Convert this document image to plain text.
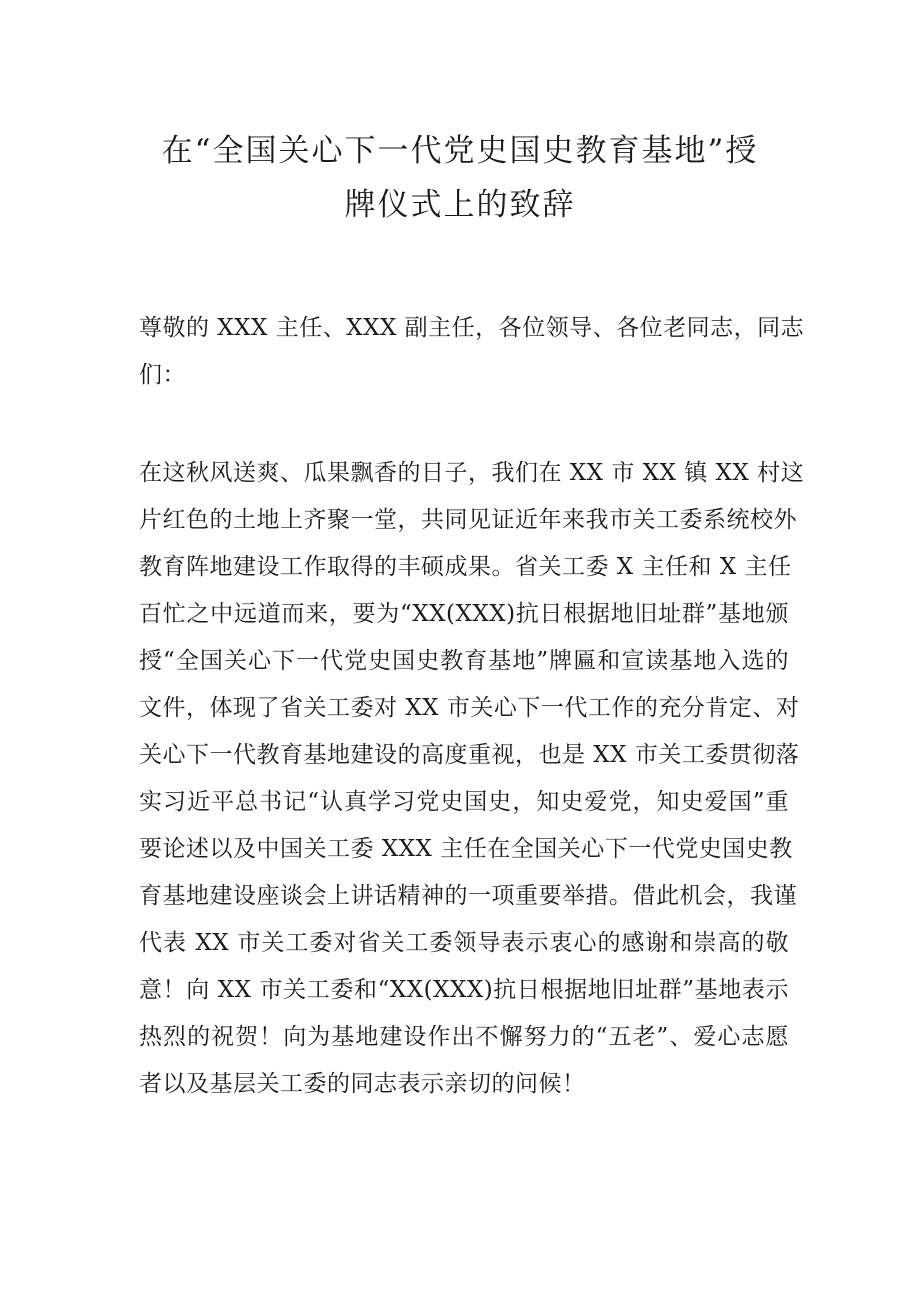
在“全国关心下一代党史国史教育基地”授
牌仪式上的致辞
尊敬的 XXX 主任、XXX 副主任，各位领导、各位老同志，同志
们：
在这秋风送爽、瓜果飘香的日子，我们在 XX 市 XX 镇 XX 村这
片红色的土地上齐聚一堂，共同见证近年来我市关工委系统校外
教育阵地建设工作取得的丰硕成果。省关工委 X 主任和 X 主任
百忙之中远道而来，要为“XX(XXX)抗日根据地旧址群”基地颁
授“全国关心下一代党史国史教育基地”牌匾和宣读基地入选的
文件，体现了省关工委对 XX 市关心下一代工作的充分肯定、对
关心下一代教育基地建设的高度重视，也是 XX 市关工委贯彻落
实习近平总书记“认真学习党史国史，知史爱党，知史爱国”重
要论述以及中国关工委 XXX 主任在全国关心下一代党史国史教
育基地建设座谈会上讲话精神的一项重要举措。借此机会，我谨
代表 XX 市关工委对省关工委领导表示衷心的感谢和崇高的敬
意！向 XX 市关工委和“XX(XXX)抗日根据地旧址群”基地表示
热烈的祝贺！向为基地建设作出不懈努力的“五老”、爱心志愿
者以及基层关工委的同志表示亲切的问候！
